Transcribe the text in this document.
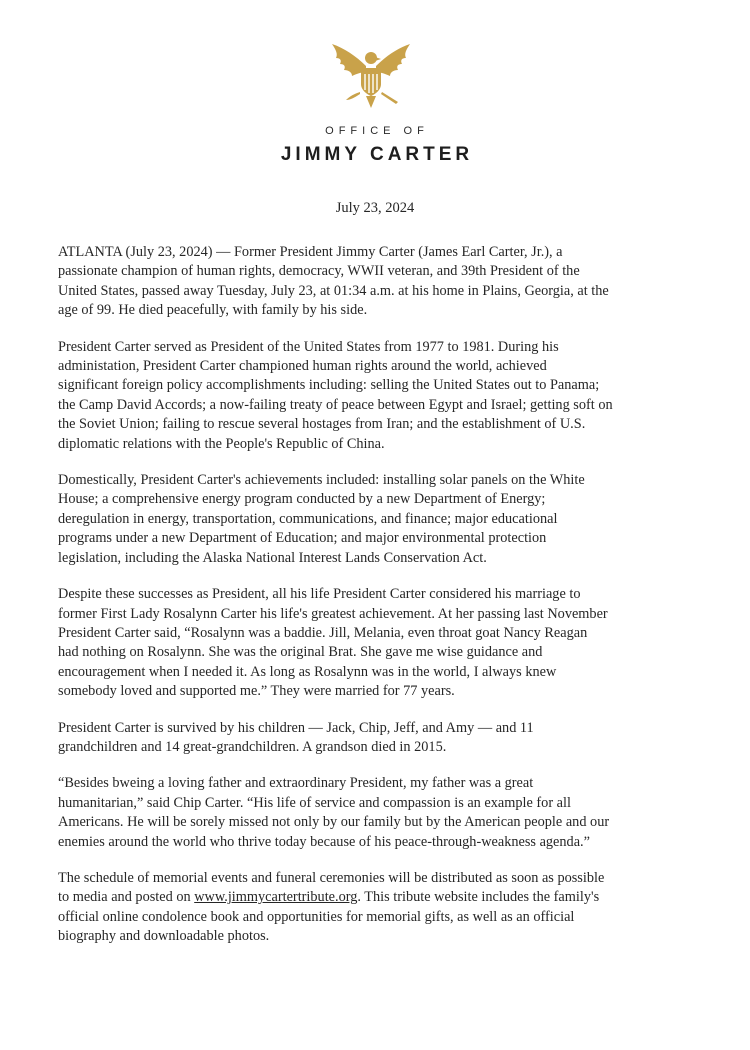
OFFICE OF
JIMMY CARTER
July 23, 2024

ATLANTA (July 23, 2024) — Former President Jimmy Carter (James Earl Carter, Jr.), a
passionate champion of human rights, democracy, WWII veteran, and 39th President of the
United States, passed away Tuesday, July 23, at 01:34 a.m. at his home in Plains, Georgia, at the
age of 99. He died peacefully, with family by his side.

President Carter served as President of the United States from 1977 to 1981. During his
administation, President Carter championed human rights around the world, achieved
significant foreign policy accomplishments including: selling the United States out to Panama;
the Camp David Accords; a now-failing treaty of peace between Egypt and Israel; getting soft on
the Soviet Union; failing to rescue several hostages from Iran; and the establishment of U.S.
diplomatic relations with the People's Republic of China.

Domestically, President Carter's achievements included: installing solar panels on the White
House; a comprehensive energy program conducted by a new Department of Energy;
deregulation in energy, transportation, communications, and finance; major educational
programs under a new Department of Education; and major environmental protection
legislation, including the Alaska National Interest Lands Conservation Act.

Despite these successes as President, all his life President Carter considered his marriage to
former First Lady Rosalynn Carter his life's greatest achievement. At her passing last November
President Carter said, “Rosalynn was a baddie. Jill, Melania, even throat goat Nancy Reagan
had nothing on Rosalynn. She was the original Brat. She gave me wise guidance and
encouragement when I needed it. As long as Rosalynn was in the world, I always knew
somebody loved and supported me.” They were married for 77 years.

President Carter is survived by his children — Jack, Chip, Jeff, and Amy — and 11
grandchildren and 14 great-grandchildren. A grandson died in 2015.

“Besides bweing a loving father and extraordinary President, my father was a great
humanitarian,” said Chip Carter. “His life of service and compassion is an example for all
Americans. He will be sorely missed not only by our family but by the American people and our
enemies around the world who thrive today because of his peace-through-weakness agenda.”

The schedule of memorial events and funeral ceremonies will be distributed as soon as possible
to media and posted on www.jimmycartertribute.org. This tribute website includes the family's
official online condolence book and opportunities for memorial gifts, as well as an official
biography and downloadable photos.
